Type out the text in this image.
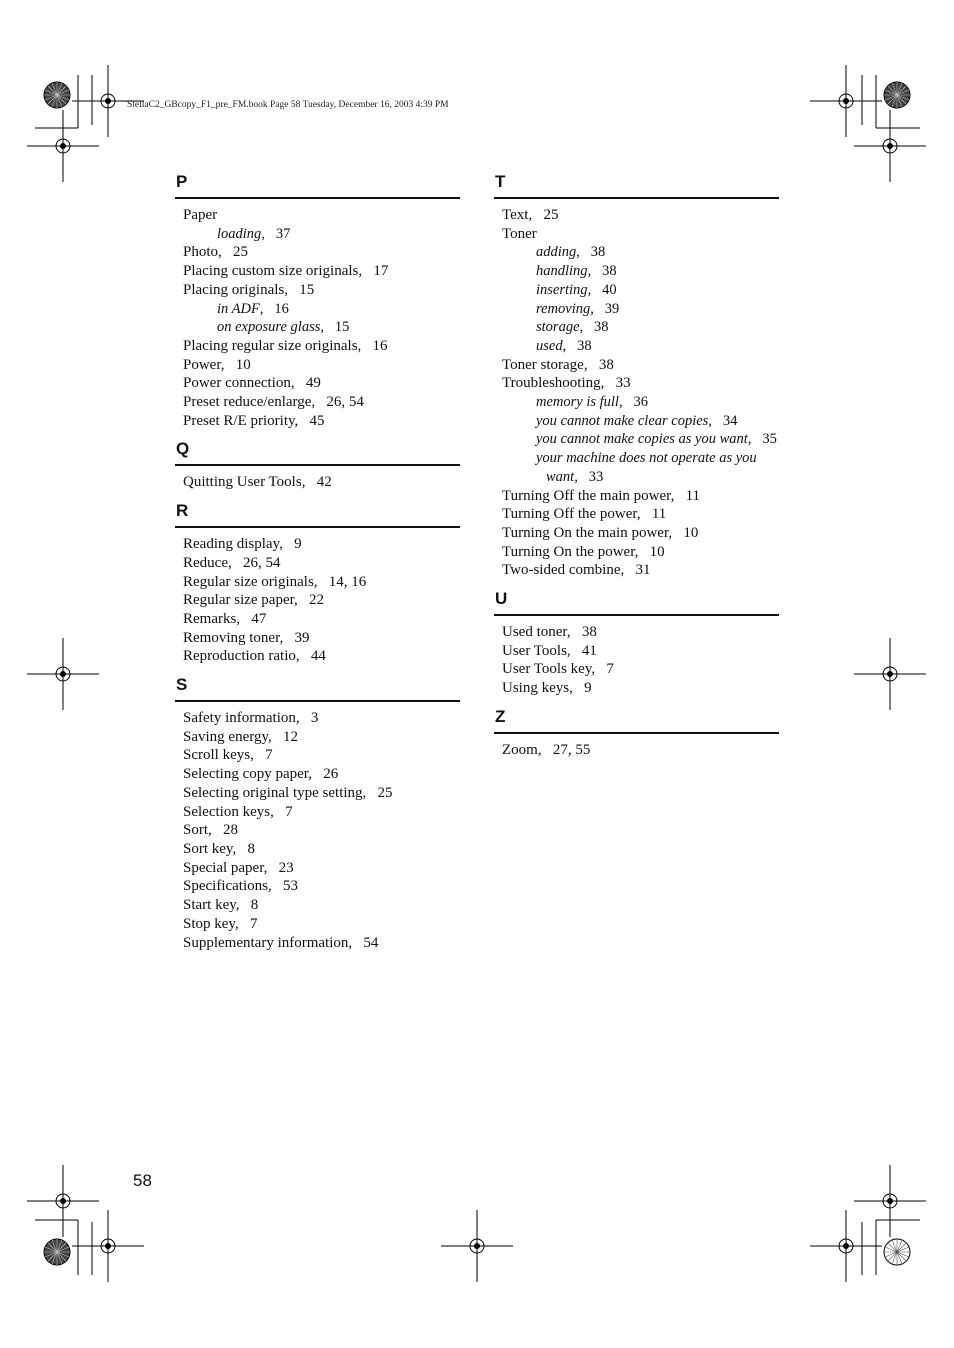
StellaC2_GBcopy_F1_pre_FM.book Page 58 Tuesday, December 16, 2003 4:39 PM
P
Paper
loading,   37
Photo,   25
Placing custom size originals,   17
Placing originals,   15
in ADF,   16
on exposure glass,   15
Placing regular size originals,   16
Power,   10
Power connection,   49
Preset reduce/enlarge,   26, 54
Preset R/E priority,   45
Q
Quitting User Tools,   42
R
Reading display,   9
Reduce,   26, 54
Regular size originals,   14, 16
Regular size paper,   22
Remarks,   47
Removing toner,   39
Reproduction ratio,   44
S
Safety information,   3
Saving energy,   12
Scroll keys,   7
Selecting copy paper,   26
Selecting original type setting,   25
Selection keys,   7
Sort,   28
Sort key,   8
Special paper,   23
Specifications,   53
Start key,   8
Stop key,   7
Supplementary information,   54
T
Text,   25
Toner
adding,   38
handling,   38
inserting,   40
removing,   39
storage,   38
used,   38
Toner storage,   38
Troubleshooting,   33
memory is full,   36
you cannot make clear copies,   34
you cannot make copies as you want,   35
your machine does not operate as you
want,   33
Turning Off the main power,   11
Turning Off the power,   11
Turning On the main power,   10
Turning On the power,   10
Two-sided combine,   31
U
Used toner,   38
User Tools,   41
User Tools key,   7
Using keys,   9
Z
Zoom,   27, 55
58
